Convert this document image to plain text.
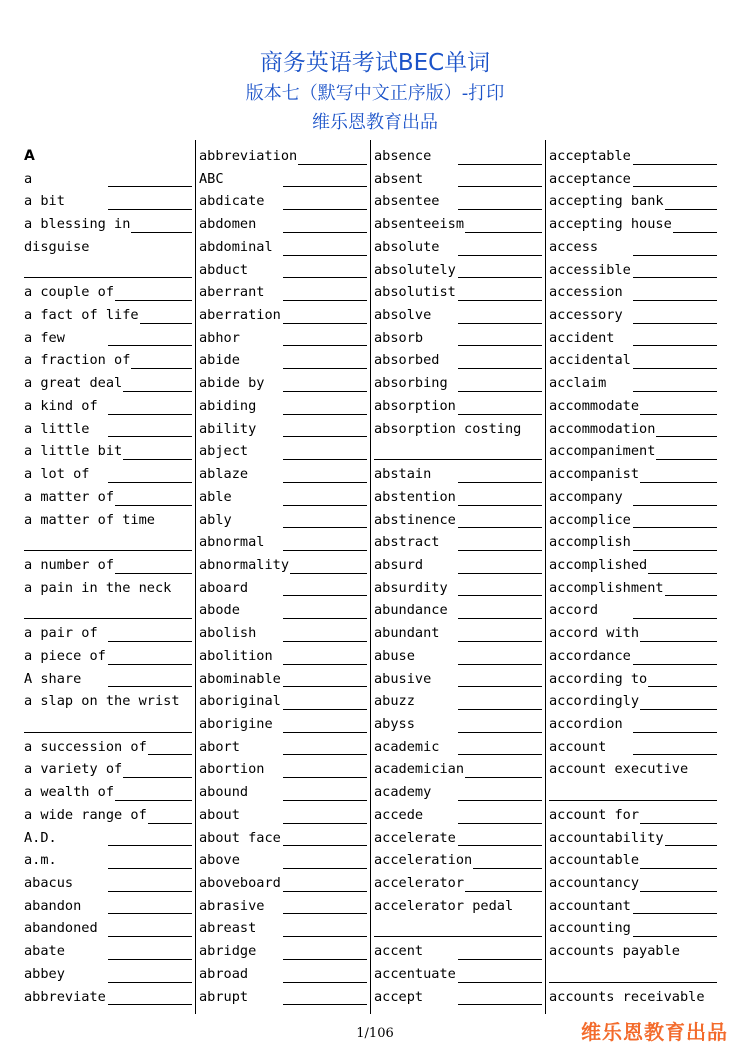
商务英语考试BEC单词
版本七（默写中文正序版）-打印
维乐恩教育出品
A
a
a bit
a blessing in
disguise
a couple of
a fact of life
a few
a fraction of
a great deal
a kind of
a little
a little bit
a lot of
a matter of
a matter of time
a number of
a pain in the neck
a pair of
a piece of
A share
a slap on the wrist
a succession of
a variety of
a wealth of
a wide range of
A.D.
a.m.
abacus
abandon
abandoned
abate
abbey
abbreviate
abbreviation
ABC
abdicate
abdomen
abdominal
abduct
aberrant
aberration
abhor
abide
abide by
abiding
ability
abject
ablaze
able
ably
abnormal
abnormality
aboard
abode
abolish
abolition
abominable
aboriginal
aborigine
abort
abortion
abound
about
about face
above
aboveboard
abrasive
abreast
abridge
abroad
abrupt
absence
absent
absentee
absenteeism
absolute
absolutely
absolutist
absolve
absorb
absorbed
absorbing
absorption
absorption costing
abstain
abstention
abstinence
abstract
absurd
absurdity
abundance
abundant
abuse
abusive
abuzz
abyss
academic
academician
academy
accede
accelerate
acceleration
accelerator
accelerator pedal
accent
accentuate
accept
acceptable
acceptance
accepting bank
accepting house
access
accessible
accession
accessory
accident
accidental
acclaim
accommodate
accommodation
accompaniment
accompanist
accompany
accomplice
accomplish
accomplished
accomplishment
accord
accord with
accordance
according to
accordingly
accordion
account
account executive
account for
accountability
accountable
accountancy
accountant
accounting
accounts payable
accounts receivable
1/106	维乐恩教育出品
